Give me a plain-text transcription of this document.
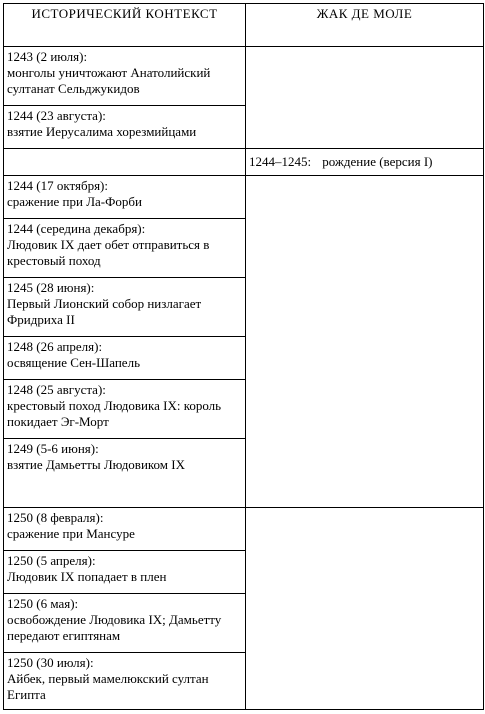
ИСТОРИЧЕСКИЙ КОНТЕКСТ	ЖАК ДЕ МОЛЕ	

1243 (2 июля):
монголы уничтожают Анатолийский султанат Сельджукидов		

1244 (23 августа):
взятие Иерусалима хорезмийцами		

	1244–1245: рождение (версия I)	

1244 (17 октября):
сражение при Ла-Форби		

1244 (середина декабря):
Людовик IX дает обет отправиться в крестовый поход		

1245 (28 июня):
Первый Лионский собор низлагает Фридриха II		

1248 (26 апреля):
освящение Сен-Шапель		

1248 (25 августа):
крестовый поход Людовика IX: король покидает Эг-Морт		

1249 (5-6 июня):
взятие Дамьетты Людовиком IX

1250 (8 февраля):
сражение при Мансуре		

1250 (5 апреля):
Людовик IX попадает в плен		

1250 (6 мая):
освобождение Людовика IX; Дамьетту передают египтянам		

1250 (30 июля):
Айбек, первый мамелюкский султан Египта		
